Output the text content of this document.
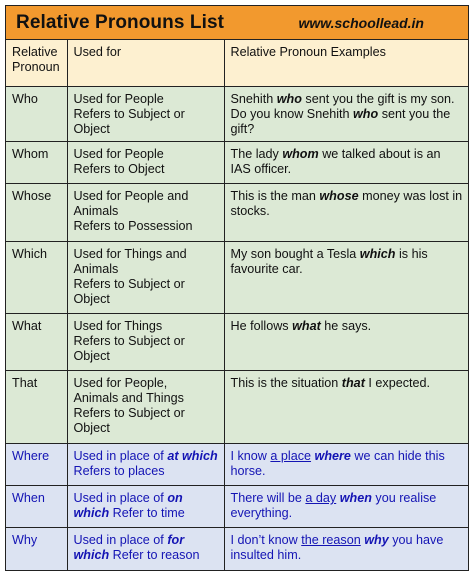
Relative Pronouns List	www.schoollead.in
Relative
Pronoun	Used for	Relative Pronoun Examples
Who	Used for People
Refers to Subject or
Object	Snehith who sent you the gift is my son. Do you know Snehith who sent you the gift?
Whom	Used for People
Refers to Object	The lady whom we talked about is an IAS officer.
Whose	Used for People and
Animals
Refers to Possession	This is the man whose money was lost in stocks.
Which	Used for Things and
Animals
Refers to Subject or
Object	My son bought a Tesla which is his favourite car.
What	Used for Things
Refers to Subject or
Object	He follows what he says.
That	Used for People,
Animals and Things
Refers to Subject or
Object	This is the situation that I expected.
Where	Used in place of at which Refers to places	I know a place where we can hide this horse.
When	Used in place of on which Refer to time	There will be a day when you realise everything.
Why	Used in place of for which Refer to reason	I don’t know the reason why you have insulted him.
